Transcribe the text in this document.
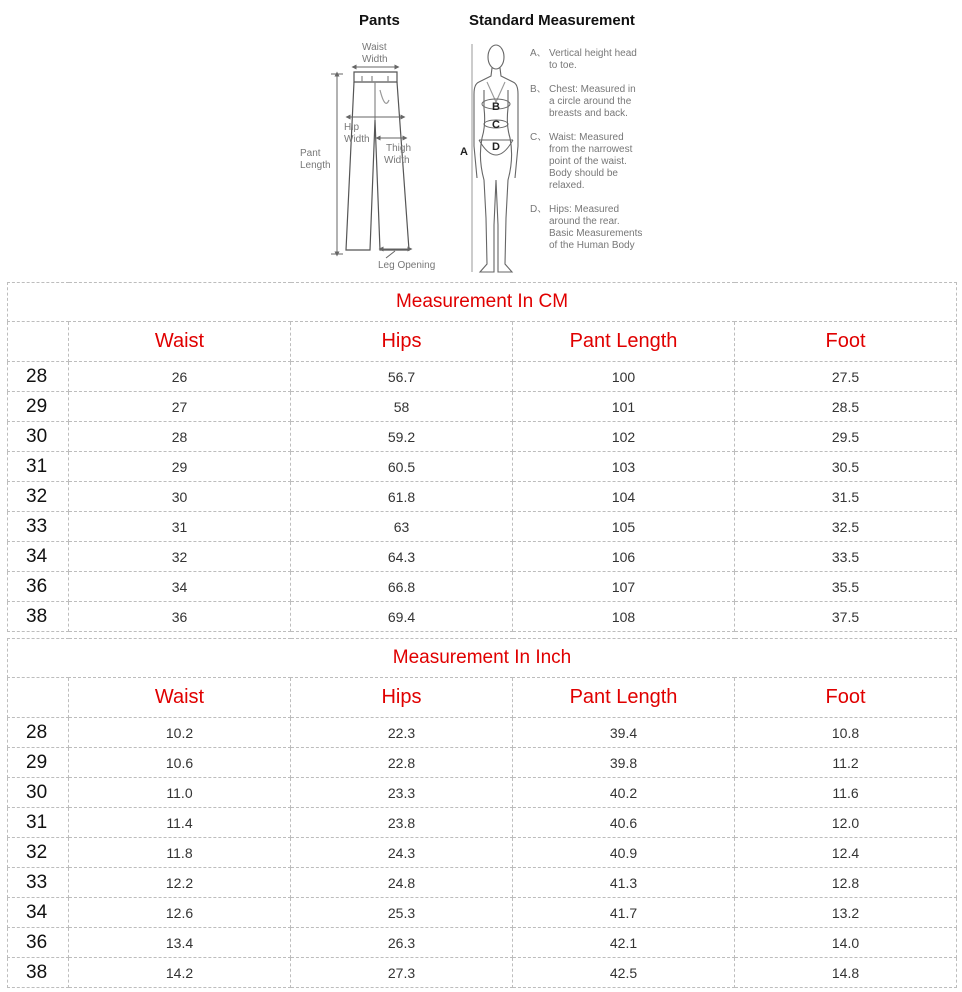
Pants	Standard Measurement
Waist
Width
Hip
Width
Thigh
Width
Pant
Length
Leg Opening
B
C
D
A
A、 Vertical height head
to toe.
B、 Chest: Measured in
a circle around the
breasts and back.
C、 Waist: Measured
from the narrowest
point of the waist.
Body should be
relaxed.
D、 Hips: Measured
around the rear.
Basic Measurements
of the Human Body
Measurement In CM				
	Waist	Hips	Pant Length	Foot
28	26	56.7	100	27.5
29	27	58	101	28.5
30	28	59.2	102	29.5
31	29	60.5	103	30.5
32	30	61.8	104	31.5
33	31	63	105	32.5
34	32	64.3	106	33.5
36	34	66.8	107	35.5
38	36	69.4	108	37.5
Measurement In Inch				
	Waist	Hips	Pant Length	Foot
28	10.2	22.3	39.4	10.8
29	10.6	22.8	39.8	11.2
30	11.0	23.3	40.2	11.6
31	11.4	23.8	40.6	12.0
32	11.8	24.3	40.9	12.4
33	12.2	24.8	41.3	12.8
34	12.6	25.3	41.7	13.2
36	13.4	26.3	42.1	14.0
38	14.2	27.3	42.5	14.8
